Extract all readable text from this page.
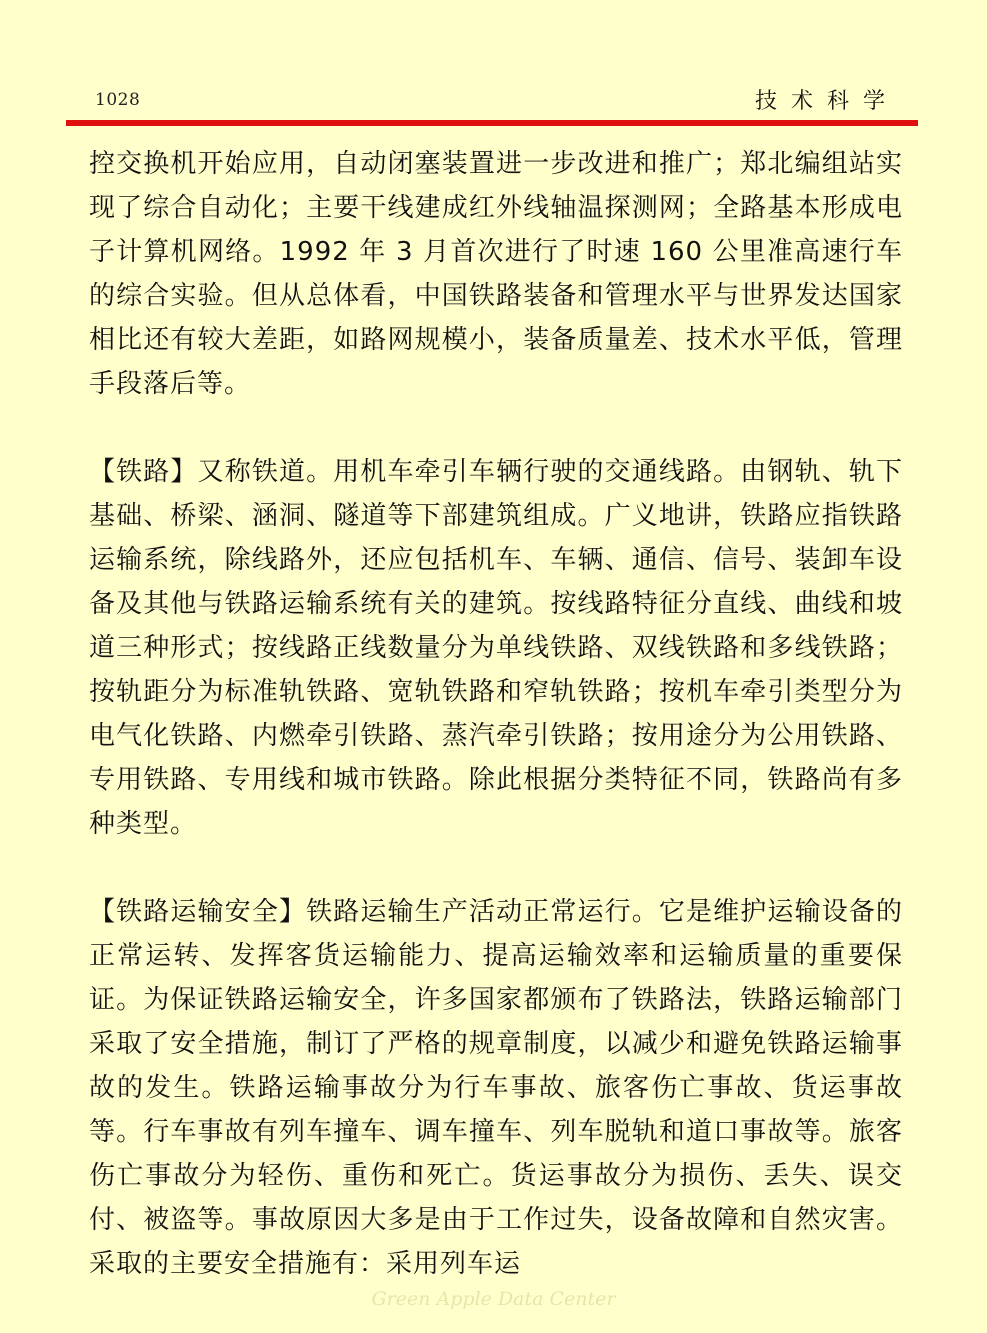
1028	技术科学

控交换机开始应用，自动闭塞装置进一步改进和推广；郑北编组站实现了综合自动化；主要干线建成红外线轴温探测网；全路基本形成电子计算机网络。1992 年 3 月首次进行了时速 160 公里准高速行车的综合实验。但从总体看，中国铁路装备和管理水平与世界发达国家相比还有较大差距，如路网规模小，装备质量差、技术水平低，管理手段落后等。

【铁路】又称铁道。用机车牵引车辆行驶的交通线路。由钢轨、轨下基础、桥梁、涵洞、隧道等下部建筑组成。广义地讲，铁路应指铁路运输系统，除线路外，还应包括机车、车辆、通信、信号、装卸车设备及其他与铁路运输系统有关的建筑。按线路特征分直线、曲线和坡道三种形式；按线路正线数量分为单线铁路、双线铁路和多线铁路；按轨距分为标准轨铁路、宽轨铁路和窄轨铁路；按机车牵引类型分为电气化铁路、内燃牵引铁路、蒸汽牵引铁路；按用途分为公用铁路、专用铁路、专用线和城市铁路。除此根据分类特征不同，铁路尚有多种类型。

【铁路运输安全】铁路运输生产活动正常运行。它是维护运输设备的正常运转、发挥客货运输能力、提高运输效率和运输质量的重要保证。为保证铁路运输安全，许多国家都颁布了铁路法，铁路运输部门采取了安全措施，制订了严格的规章制度，以减少和避免铁路运输事故的发生。铁路运输事故分为行车事故、旅客伤亡事故、货运事故等。行车事故有列车撞车、调车撞车、列车脱轨和道口事故等。旅客伤亡事故分为轻伤、重伤和死亡。货运事故分为损伤、丢失、误交付、被盗等。事故原因大多是由于工作过失，设备故障和自然灾害。采取的主要安全措施有：采用列车运

Green Apple Data Center
